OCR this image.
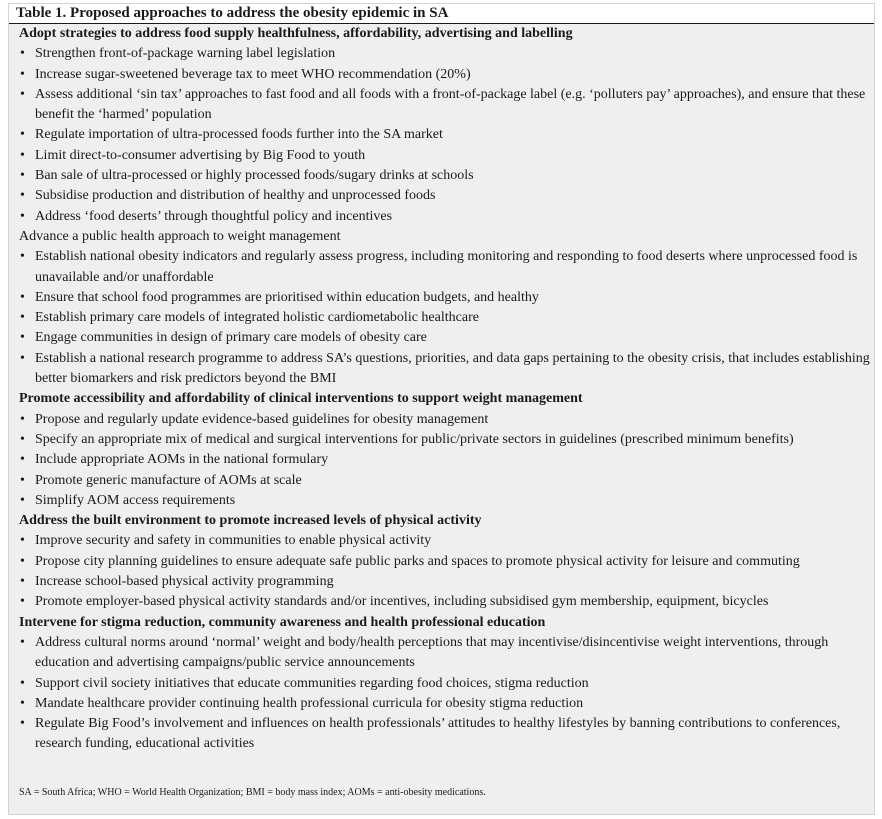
Table 1. Proposed approaches to address the obesity epidemic in SA
Adopt strategies to address food supply healthfulness, affordability, advertising and labelling
• Strengthen front-of-package warning label legislation
• Increase sugar-sweetened beverage tax to meet WHO recommendation (20%)
• Assess additional ‘sin tax’ approaches to fast food and all foods with a front-of-package label (e.g. ‘polluters pay’ approaches), and ensure that these benefit the ‘harmed’ population
• Regulate importation of ultra-processed foods further into the SA market
• Limit direct-to-consumer advertising by Big Food to youth
• Ban sale of ultra-processed or highly processed foods/sugary drinks at schools
• Subsidise production and distribution of healthy and unprocessed foods
• Address ‘food deserts’ through thoughtful policy and incentives
Advance a public health approach to weight management
• Establish national obesity indicators and regularly assess progress, including monitoring and responding to food deserts where unprocessed food is unavailable and/or unaffordable
• Ensure that school food programmes are prioritised within education budgets, and healthy
• Establish primary care models of integrated holistic cardiometabolic healthcare
• Engage communities in design of primary care models of obesity care
• Establish a national research programme to address SA’s questions, priorities, and data gaps pertaining to the obesity crisis, that includes establishing better biomarkers and risk predictors beyond the BMI
Promote accessibility and affordability of clinical interventions to support weight management
• Propose and regularly update evidence-based guidelines for obesity management
• Specify an appropriate mix of medical and surgical interventions for public/private sectors in guidelines (prescribed minimum benefits)
• Include appropriate AOMs in the national formulary
• Promote generic manufacture of AOMs at scale
• Simplify AOM access requirements
Address the built environment to promote increased levels of physical activity
• Improve security and safety in communities to enable physical activity
• Propose city planning guidelines to ensure adequate safe public parks and spaces to promote physical activity for leisure and commuting
• Increase school-based physical activity programming
• Promote employer-based physical activity standards and/or incentives, including subsidised gym membership, equipment, bicycles
Intervene for stigma reduction, community awareness and health professional education
• Address cultural norms around ‘normal’ weight and body/health perceptions that may incentivise/disincentivise weight interventions, through education and advertising campaigns/public service announcements
• Support civil society initiatives that educate communities regarding food choices, stigma reduction
• Mandate healthcare provider continuing health professional curricula for obesity stigma reduction
• Regulate Big Food’s involvement and influences on health professionals’ attitudes to healthy lifestyles by banning contributions to conferences, research funding, educational activities
SA = South Africa; WHO = World Health Organization; BMI = body mass index; AOMs = anti-obesity medications.
